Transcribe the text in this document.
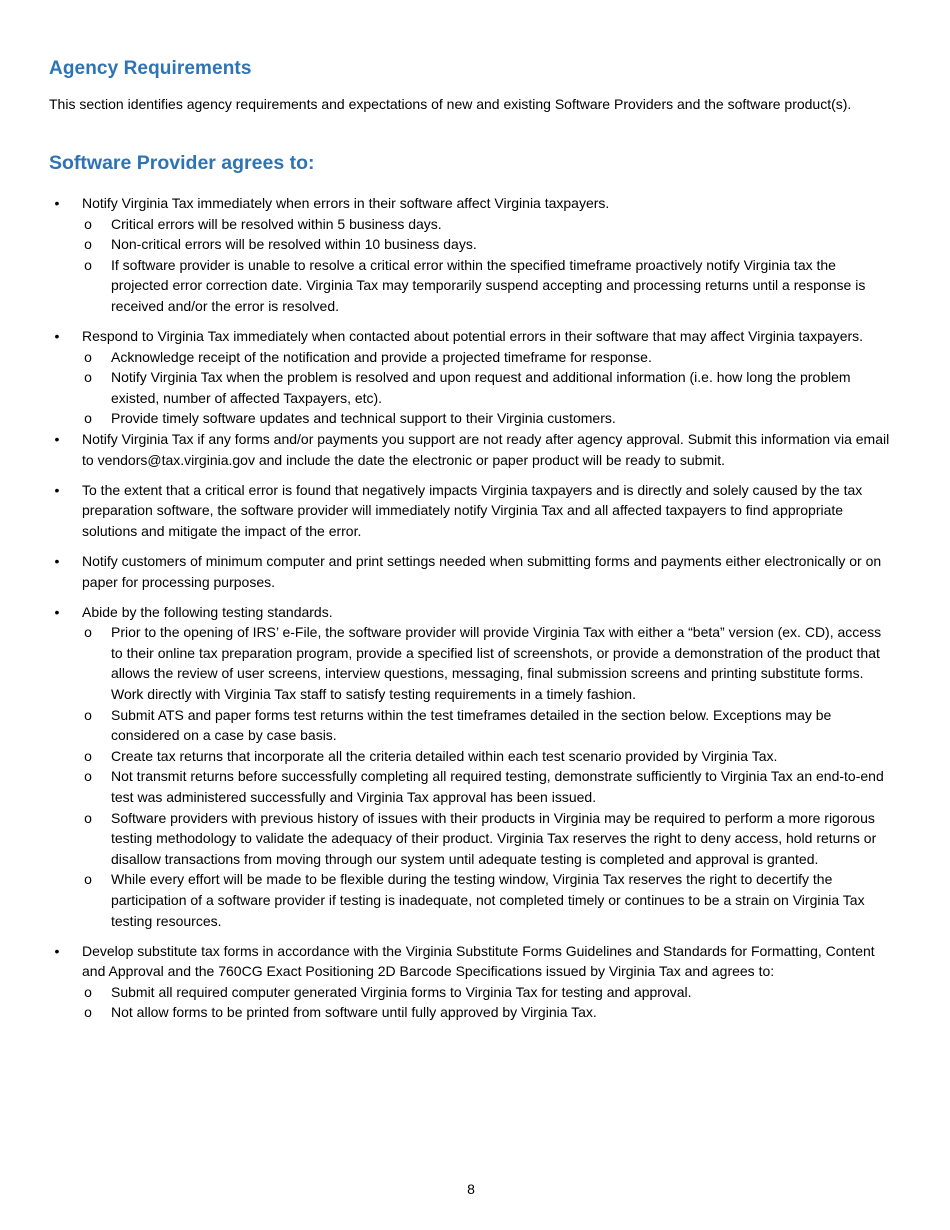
Agency Requirements

This section identifies agency requirements and expectations of new and existing Software Providers and the software product(s).

Software Provider agrees to:
• Notify Virginia Tax immediately when errors in their software affect Virginia taxpayers.
o Critical errors will be resolved within 5 business days.
o Non-critical errors will be resolved within 10 business days.
o If software provider is unable to resolve a critical error within the specified timeframe proactively notify Virginia tax the projected error correction date. Virginia Tax may temporarily suspend accepting and processing returns until a response is received and/or the error is resolved.
• Respond to Virginia Tax immediately when contacted about potential errors in their software that may affect Virginia taxpayers.
o Acknowledge receipt of the notification and provide a projected timeframe for response.
o Notify Virginia Tax when the problem is resolved and upon request and additional information (i.e. how long the problem existed, number of affected Taxpayers, etc).
o Provide timely software updates and technical support to their Virginia customers.
• Notify Virginia Tax if any forms and/or payments you support are not ready after agency approval. Submit this information via email to vendors@tax.virginia.gov and include the date the electronic or paper product will be ready to submit.
• To the extent that a critical error is found that negatively impacts Virginia taxpayers and is directly and solely caused by the tax preparation software, the software provider will immediately notify Virginia Tax and all affected taxpayers to find appropriate solutions and mitigate the impact of the error.
• Notify customers of minimum computer and print settings needed when submitting forms and payments either electronically or on paper for processing purposes.
• Abide by the following testing standards.
o Prior to the opening of IRS’ e-File, the software provider will provide Virginia Tax with either a “beta” version (ex. CD), access to their online tax preparation program, provide a specified list of screenshots, or provide a demonstration of the product that allows the review of user screens, interview questions, messaging, final submission screens and printing substitute forms. Work directly with Virginia Tax staff to satisfy testing requirements in a timely fashion.
o Submit ATS and paper forms test returns within the test timeframes detailed in the section below. Exceptions may be considered on a case by case basis.
o Create tax returns that incorporate all the criteria detailed within each test scenario provided by Virginia Tax.
o Not transmit returns before successfully completing all required testing, demonstrate sufficiently to Virginia Tax an end-to-end test was administered successfully and Virginia Tax approval has been issued.
o Software providers with previous history of issues with their products in Virginia may be required to perform a more rigorous testing methodology to validate the adequacy of their product. Virginia Tax reserves the right to deny access, hold returns or disallow transactions from moving through our system until adequate testing is completed and approval is granted.
o While every effort will be made to be flexible during the testing window, Virginia Tax reserves the right to decertify the participation of a software provider if testing is inadequate, not completed timely or continues to be a strain on Virginia Tax testing resources.
• Develop substitute tax forms in accordance with the Virginia Substitute Forms Guidelines and Standards for Formatting, Content and Approval and the 760CG Exact Positioning 2D Barcode Specifications issued by Virginia Tax and agrees to:
o Submit all required computer generated Virginia forms to Virginia Tax for testing and approval.
o Not allow forms to be printed from software until fully approved by Virginia Tax.
8
